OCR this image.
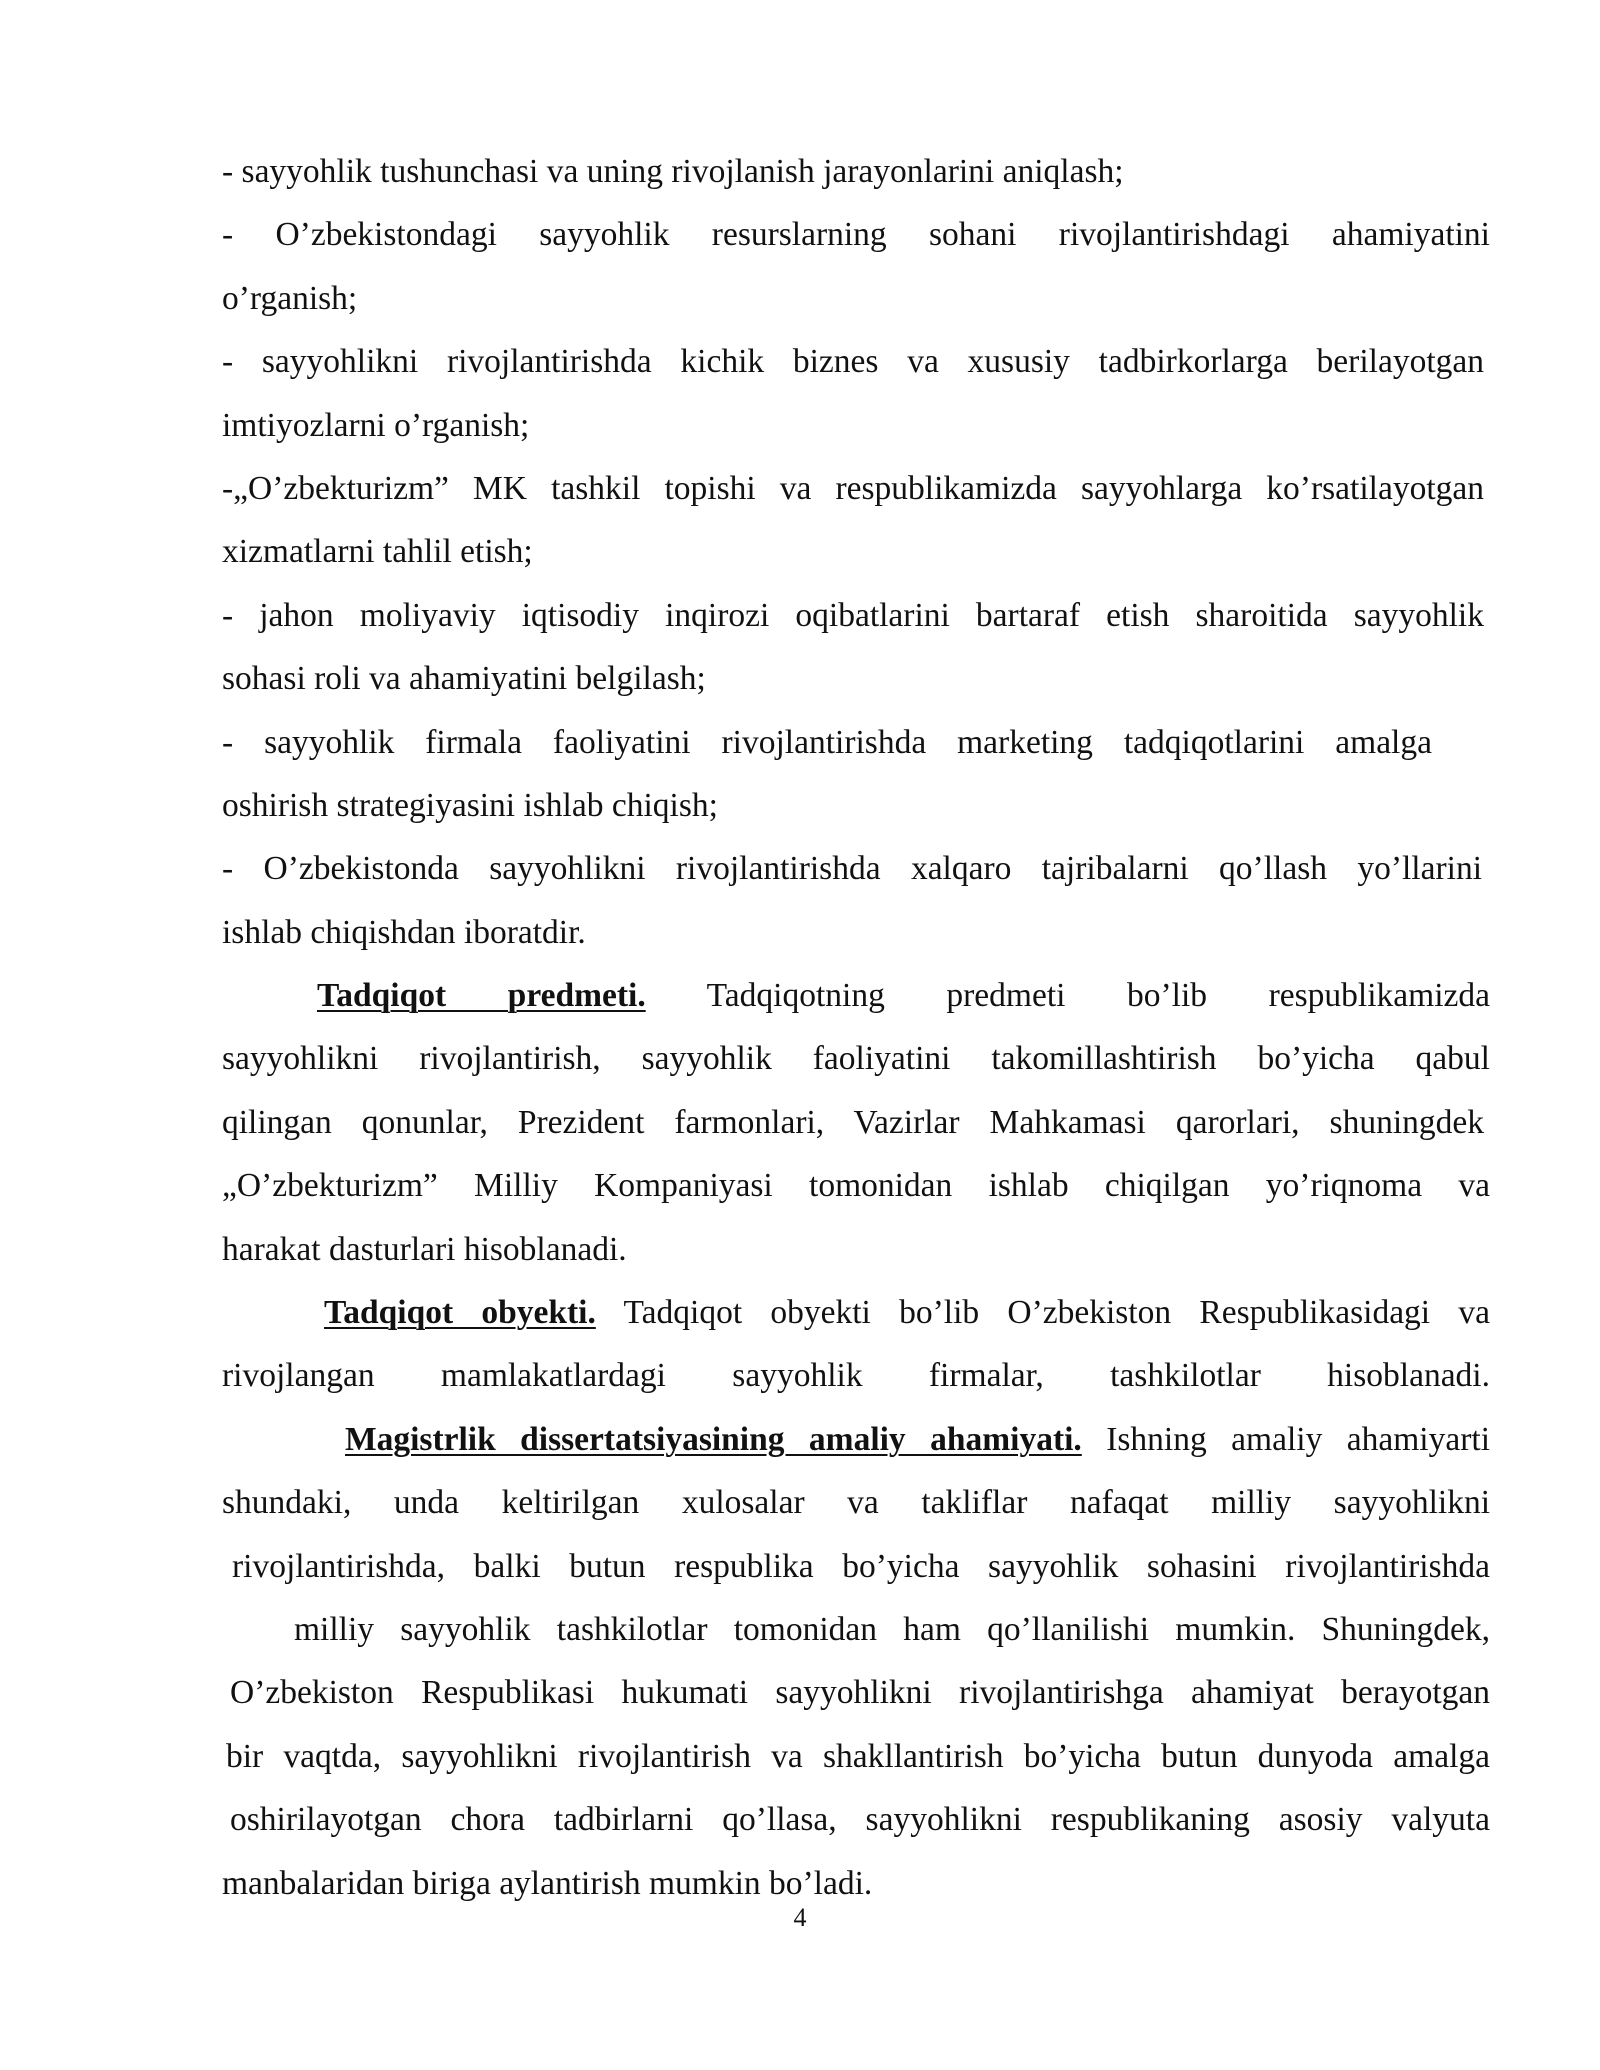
- sayyohlik tushunchasi va uning rivojlanish jarayonlarini aniqlash;
- O’zbekistondagi sayyohlik resurslarning sohani rivojlantirishdagi ahamiyatini
o’rganish;
- sayyohlikni rivojlantirishda kichik biznes va xususiy tadbirkorlarga berilayotgan
imtiyozlarni o’rganish;
-„O’zbekturizm” MK tashkil topishi va respublikamizda sayyohlarga ko’rsatilayotgan
xizmatlarni tahlil etish;
- jahon moliyaviy iqtisodiy inqirozi oqibatlarini bartaraf etish sharoitida sayyohlik
sohasi roli va ahamiyatini belgilash;
- sayyohlik firmala faoliyatini rivojlantirishda marketing tadqiqotlarini amalga
oshirish strategiyasini ishlab chiqish;
- O’zbekistonda sayyohlikni rivojlantirishda xalqaro tajribalarni qo’llash yo’llarini
ishlab chiqishdan iboratdir.
Tadqiqot predmeti. Tadqiqotning predmeti bo’lib respublikamizda
sayyohlikni rivojlantirish, sayyohlik faoliyatini takomillashtirish bo’yicha qabul
qilingan qonunlar, Prezident farmonlari, Vazirlar Mahkamasi qarorlari, shuningdek
„O’zbekturizm” Milliy Kompaniyasi tomonidan ishlab chiqilgan yo’riqnoma va
harakat dasturlari hisoblanadi.
Tadqiqot obyekti. Tadqiqot obyekti bo’lib O’zbekiston Respublikasidagi va
rivojlangan mamlakatlardagi sayyohlik firmalar, tashkilotlar hisoblanadi.
Magistrlik dissertatsiyasining amaliy ahamiyati. Ishning amaliy ahamiyarti
shundaki, unda keltirilgan xulosalar va takliflar nafaqat milliy sayyohlikni
rivojlantirishda, balki butun respublika bo’yicha sayyohlik sohasini rivojlantirishda
milliy sayyohlik tashkilotlar tomonidan ham qo’llanilishi mumkin. Shuningdek,
O’zbekiston Respublikasi hukumati sayyohlikni rivojlantirishga ahamiyat berayotgan
bir vaqtda, sayyohlikni rivojlantirish va shakllantirish bo’yicha butun dunyoda amalga
oshirilayotgan chora tadbirlarni qo’llasa, sayyohlikni respublikaning asosiy valyuta
manbalaridan biriga aylantirish mumkin bo’ladi.
4
